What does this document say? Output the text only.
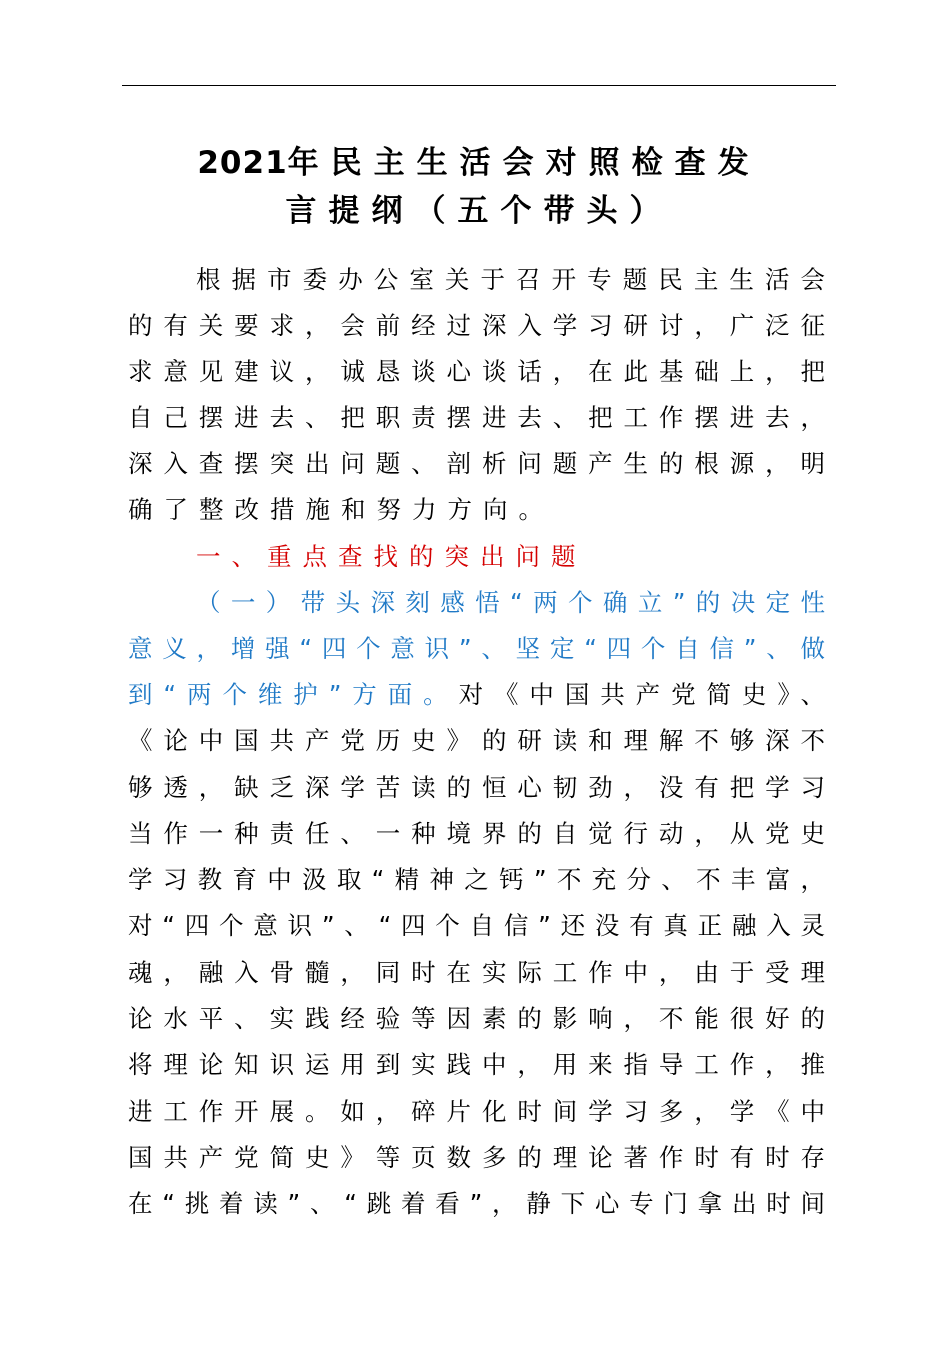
2021年民主生活会对照检查发
言提纲（五个带头）
根据市委办公室关于召开专题民主生活会
的有关要求，会前经过深入学习研讨，广泛征
求意见建议，诚恳谈心谈话，在此基础上，把
自己摆进去、把职责摆进去、把工作摆进去，
深入查摆突出问题、剖析问题产生的根源，明
确了整改措施和努力方向。
一、重点查找的突出问题
（一）带头深刻感悟“两个确立”的决定性
意义，增强“四个意识”、坚定“四个自信”、做
到“两个维护”方面。对《中国共产党简史》、
《论中国共产党历史》的研读和理解不够深不
够透，缺乏深学苦读的恒心韧劲，没有把学习
当作一种责任、一种境界的自觉行动，从党史
学习教育中汲取“精神之钙”不充分、不丰富，
对“四个意识”、“四个自信”还没有真正融入灵
魂，融入骨髓，同时在实际工作中，由于受理
论水平、实践经验等因素的影响，不能很好的
将理论知识运用到实践中，用来指导工作，推
进工作开展。如，碎片化时间学习多，学《中
国共产党简史》等页数多的理论著作时有时存
在“挑着读”、“跳着看”，静下心专门拿出时间
